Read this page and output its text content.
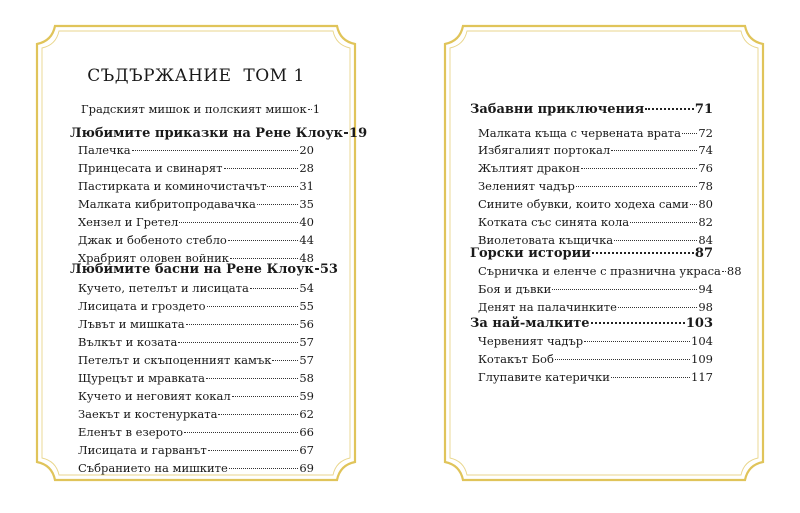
СЪДЪРЖАНИЕ  ТОМ 1
Градският мишок и полският мишок 1
Любимите приказки на Рене Клоук 19
Палечка	20
Принцесата и свинарят	28
Пастирката и коминочистачът	31
Малката кибритопродавачка	35
Хензел и Гретел	40
Джак и бобеното стебло	44
Храбрият оловен войник	48
Любимите басни на Рене Клоук 53
Кучето, петелът и лисицата	54
Лисицата и гроздето	55
Лъвът и мишката	56
Вълкът и козата	57
Петелът и скъпоценният камък 57
Щурецът и мравката	58
Кучето и неговият кокал	59
Заекът и костенурката	62
Еленът в езерото	66
Лисицата и гарванът	67
Събранието на мишките	69
Забавни приключения	71
Малката къща с червената врата 72
Избягалият портокал	74
Жълтият дракон	76
Зеленият чадър	78
Сините обувки, които ходеха сами 80
Котката със синята кола	82
Виолетовата къщичка	84
Горски истории	87
Сърничка и еленче с празнична украса 88
Боя и дъвки	94
Денят на палачинките	98
За най-малките	103
Червеният чадър	104
Котакът Боб	109
Глупавите катерички	117
